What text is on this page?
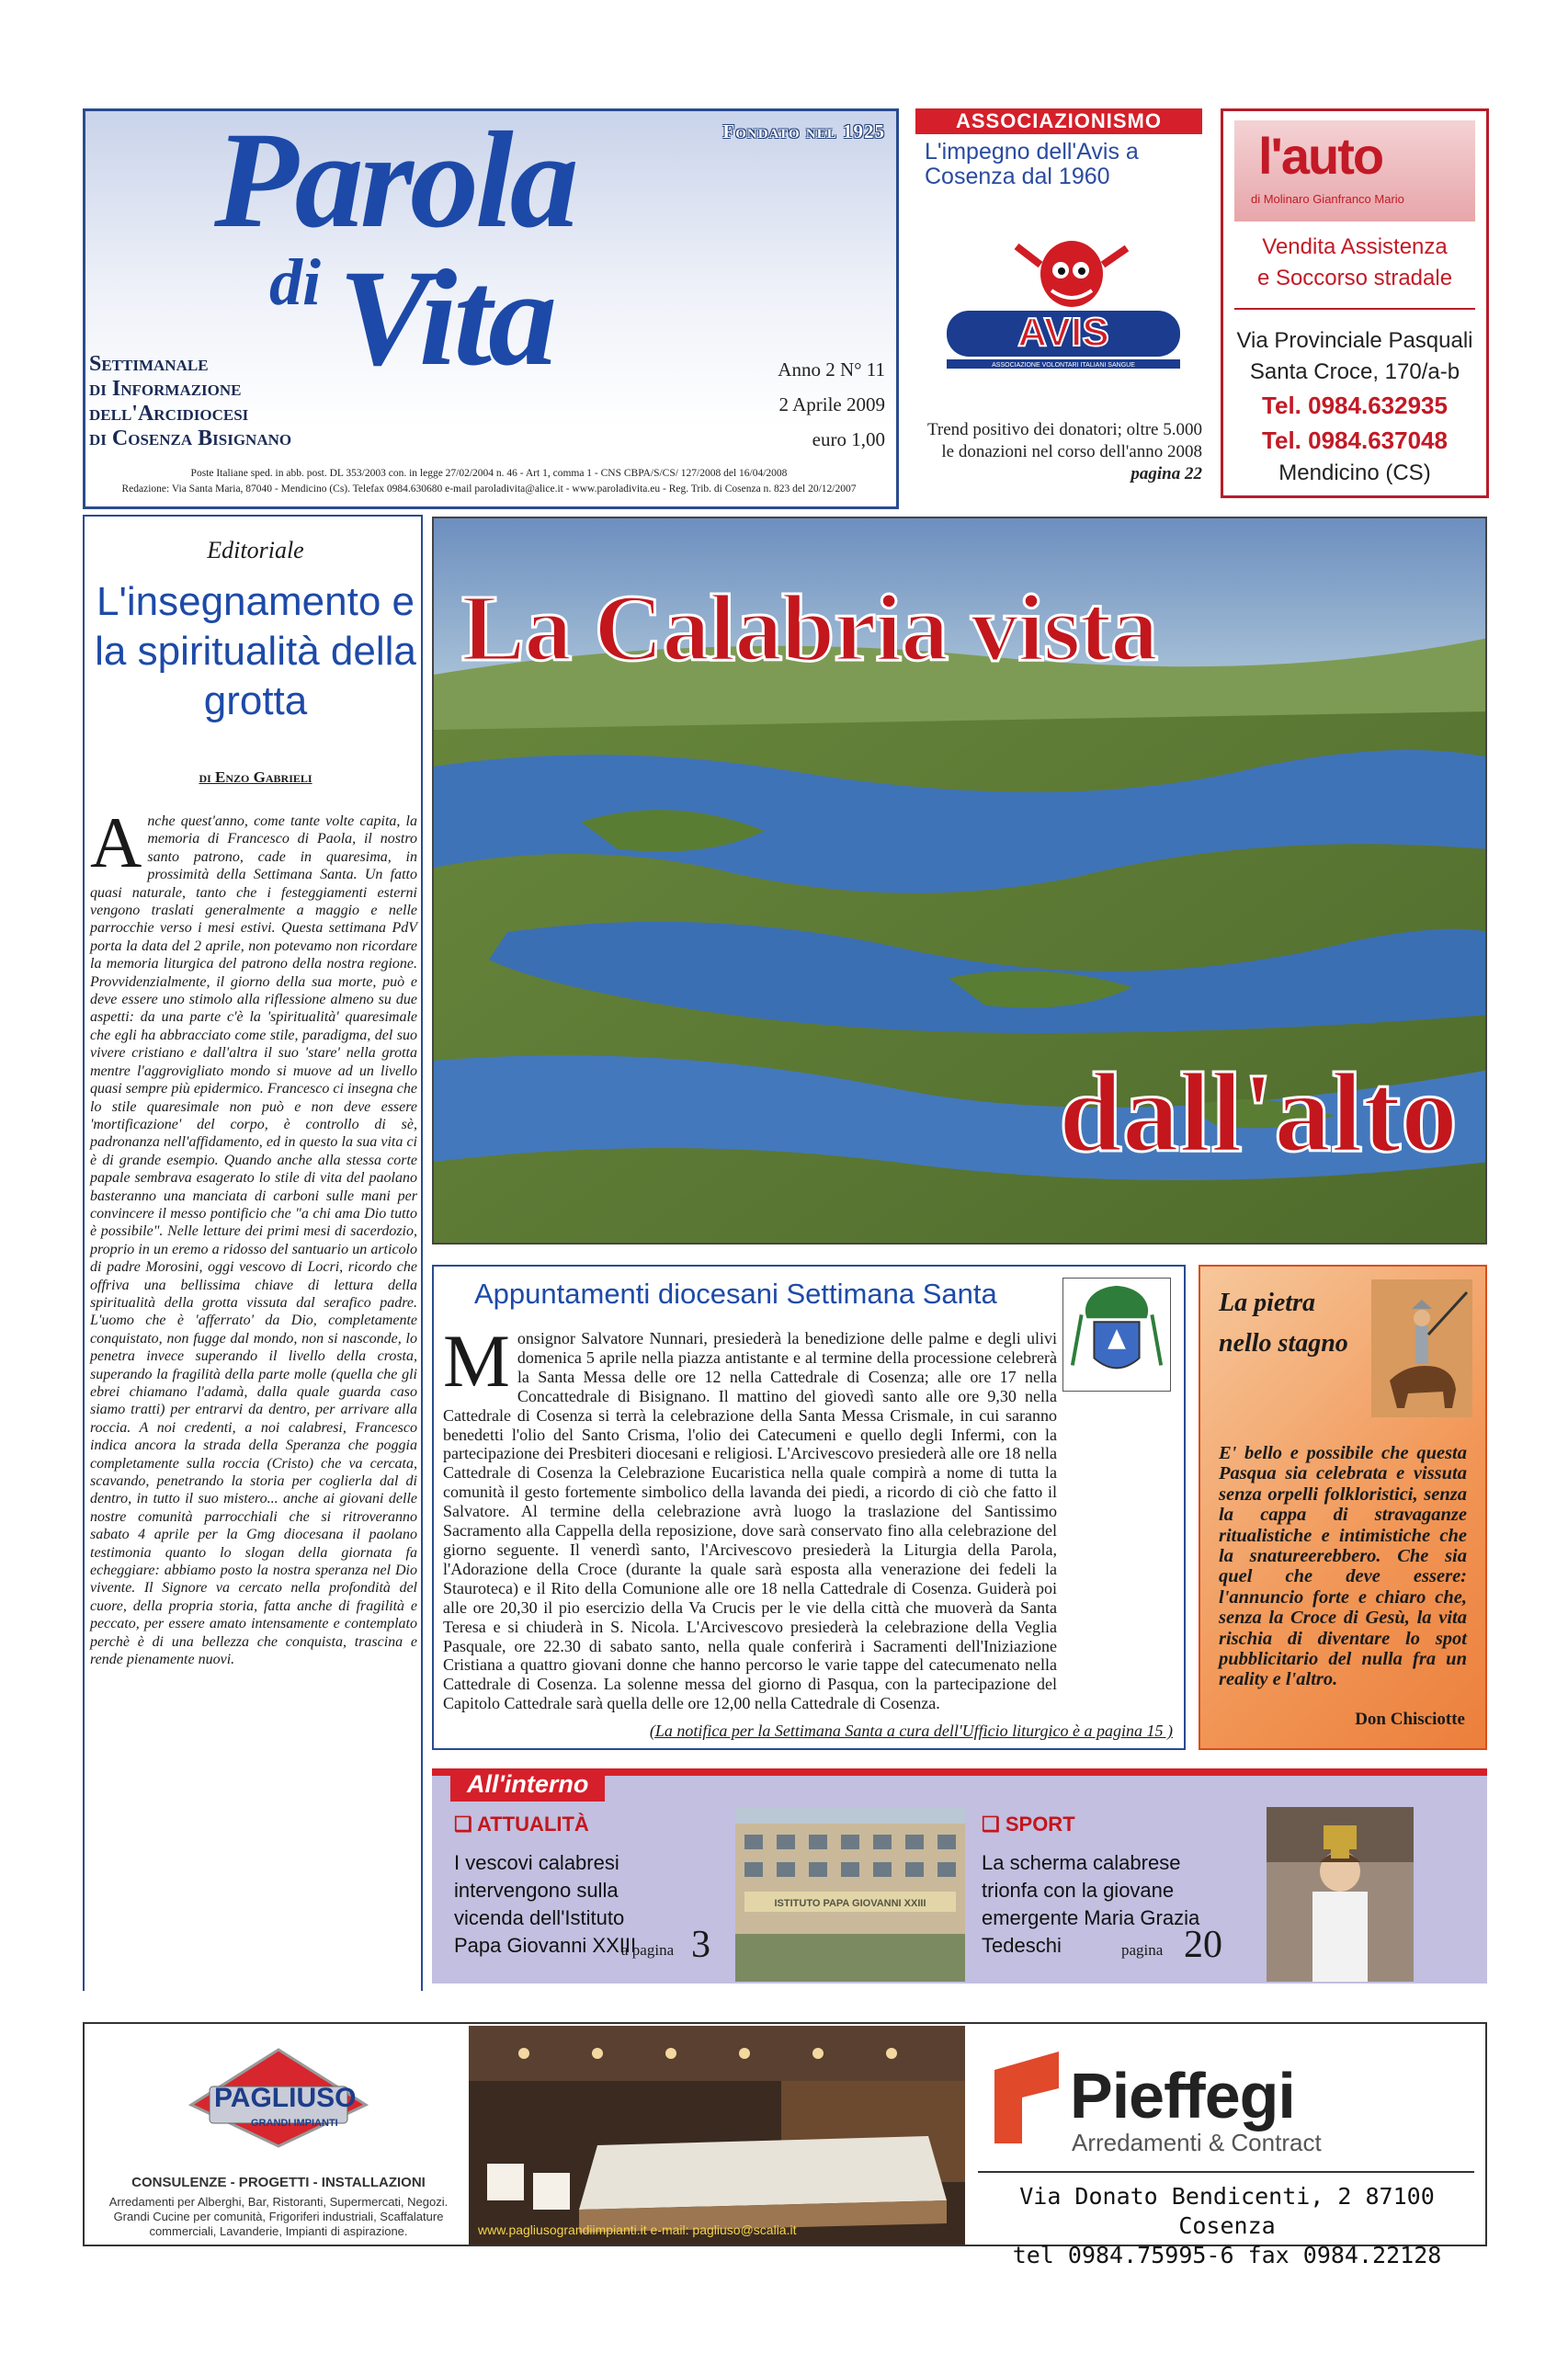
Fondato nel 1925
Parola
di Vita
Settimanale
di Informazione
dell'Arcidiocesi
di Cosenza Bisignano
Anno 2 N° 11
2 Aprile 2009
euro 1,00
Poste Italiane sped. in abb. post. DL 353/2003 con. in legge 27/02/2004 n. 46 - Art 1, comma 1 - CNS CBPA/S/CS/ 127/2008 del 16/04/2008
Redazione: Via Santa Maria, 87040 - Mendicino (Cs). Telefax 0984.630680 e-mail paroladivita@alice.it - www.paroladivita.eu - Reg. Trib. di Cosenza n. 823 del 20/12/2007
ASSOCIAZIONISMO
L'impegno dell'Avis a Cosenza dal 1960
AVIS
ASSOCIAZIONE VOLONTARI ITALIANI SANGUE
Trend positivo dei donatori; oltre 5.000 le donazioni nel corso dell'anno 2008
pagina 22
l'auto
di Molinaro Gianfranco Mario
Vendita Assistenza
e Soccorso stradale
Via Provinciale Pasquali
Santa Croce, 170/a-b
Tel. 0984.632935
Tel. 0984.637048
Mendicino (CS)
Editoriale
L'insegnamento e la spiritualità della grotta
di Enzo Gabrieli
A nche quest'anno, come tante volte capita, la memoria di Francesco di Paola, il nostro santo patrono, cade in quaresima, in prossimità della Settimana Santa. Un fatto quasi naturale, tanto che i festeggiamenti esterni vengono traslati generalmente a maggio e nelle parrocchie verso i mesi estivi. Questa settimana PdV porta la data del 2 aprile, non potevamo non ricordare la memoria liturgica del patrono della nostra regione. Provvidenzialmente, il giorno della sua morte, può e deve essere uno stimolo alla riflessione almeno su due aspetti: da una parte c'è la 'spiritualità' quaresimale che egli ha abbracciato come stile, paradigma, del suo vivere cristiano e dall'altra il suo 'stare' nella grotta mentre l'aggrovigliato mondo si muove ad un livello quasi sempre più epidermico. Francesco ci insegna che lo stile quaresimale non può e non deve essere 'mortificazione' del corpo, è controllo di sè, padronanza nell'affidamento, ed in questo la sua vita ci è di grande esempio. Quando anche alla stessa corte papale sembrava esagerato lo stile di vita del paolano basteranno una manciata di carboni sulle mani per convincere il messo pontificio che "a chi ama Dio tutto è possibile". Nelle letture dei primi mesi di sacerdozio, proprio in un eremo a ridosso del santuario un articolo di padre Morosini, oggi vescovo di Locri, ricordo che offriva una bellissima chiave di lettura della spiritualità della grotta vissuta dal serafico padre. L'uomo che è 'afferrato' da Dio, completamente conquistato, non fugge dal mondo, non si nasconde, lo penetra invece superando il livello della crosta, superando la fragilità della parte molle (quella che gli ebrei chiamano l'adamà, dalla quale guarda caso siamo tratti) per entrarvi da dentro, per arrivare alla roccia. A noi credenti, a noi calabresi, Francesco indica ancora la strada della Speranza che poggia completamente sulla roccia (Cristo) che va cercata, scavando, penetrando la storia per coglierla dal di dentro, in tutto il suo mistero... anche ai giovani delle nostre comunità parrocchiali che si ritroveranno sabato 4 aprile per la Gmg diocesana il paolano testimonia quanto lo slogan della giornata fa echeggiare: abbiamo posto la nostra speranza nel Dio vivente. Il Signore va cercato nella profondità del cuore, della propria storia, fatta anche di fragilità e peccato, per essere amato intensamente e contemplato perchè è di una bellezza che conquista, trascina e rende pienamente nuovi.
La Calabria vista
dall'alto
Appuntamenti diocesani Settimana Santa
M onsignor Salvatore Nunnari, presiederà la benedizione delle palme e degli ulivi domenica 5 aprile nella piazza antistante e al termine della processione celebrerà la Santa Messa delle ore 12 nella Cattedrale di Cosenza; alle ore 17 nella Concattedrale di Bisignano. Il mattino del giovedì santo alle ore 9,30 nella Cattedrale di Cosenza si terrà la celebrazione della Santa Messa Crismale, in cui saranno benedetti l'olio del Santo Crisma, l'olio dei Catecumeni e quello degli Infermi, con la partecipazione dei Presbiteri diocesani e religiosi. L'Arcivescovo presiederà alle ore 18 nella Cattedrale di Cosenza la Celebrazione Eucaristica nella quale compirà a nome di tutta la comunità il gesto fortemente simbolico della lavanda dei piedi, a ricordo di ciò che fatto il Salvatore. Al termine della celebrazione avrà luogo la traslazione del Santissimo Sacramento alla Cappella della reposizione, dove sarà conservato fino alla celebrazione del giorno seguente. Il venerdì santo, l'Arcivescovo presiederà la Liturgia della Parola, l'Adorazione della Croce (durante la quale sarà esposta alla venerazione dei fedeli la Stauroteca) e il Rito della Comunione alle ore 18 nella Cattedrale di Cosenza. Guiderà poi alle ore 20,30 il pio esercizio della Va Crucis per le vie della città che muoverà da Santa Teresa e si chiuderà in S. Nicola. L'Arcivescovo presiederà la celebrazione della Veglia Pasquale, ore 22.30 di sabato santo, nella quale conferirà i Sacramenti dell'Iniziazione Cristiana a quattro giovani donne che hanno percorso le varie tappe del catecumenato nella Cattedrale di Cosenza. La solenne messa del giorno di Pasqua, con la partecipazione del Capitolo Cattedrale sarà quella delle ore 12,00 nella Cattedrale di Cosenza.
(La notifica per la Settimana Santa a cura dell'Ufficio liturgico è a pagina 15 )
La pietra nello stagno
E' bello e possibile che questa Pasqua sia celebrata e vissuta senza orpelli folkloristici, senza la cappa di stravaganze ritualistiche e intimistiche che la snatureerebbero. Che sia quel che deve essere: l'annuncio forte e chiaro che, senza la Croce di Gesù, la vita rischia di diventare lo spot pubblicitario del nulla fra un reality e l'altro.
Don Chisciotte
All'interno
❑ ATTUALITÀ
I vescovi calabresi intervengono sulla vicenda dell'Istituto Papa Giovanni XXIII
a pagina 3
ISTITUTO PAPA GIOVANNI XXIII
❑ SPORT
La scherma calabrese trionfa con la giovane emergente Maria Grazia Tedeschi	pagina 20
PAGLIUSO
GRANDI IMPIANTI
CONSULENZE - PROGETTI - INSTALLAZIONI
Arredamenti per Alberghi, Bar, Ristoranti, Supermercati, Negozi. Grandi Cucine per comunità, Frigoriferi industriali, Scaffalature commerciali, Lavanderie, Impianti di aspirazione.	www.pagliusograndiimpianti.it e-mail: pagliuso@scalia.it
Pieffegi
Arredamenti & Contract
Via Donato Bendicenti, 2 87100 Cosenza
tel 0984.75995-6 fax 0984.22128
